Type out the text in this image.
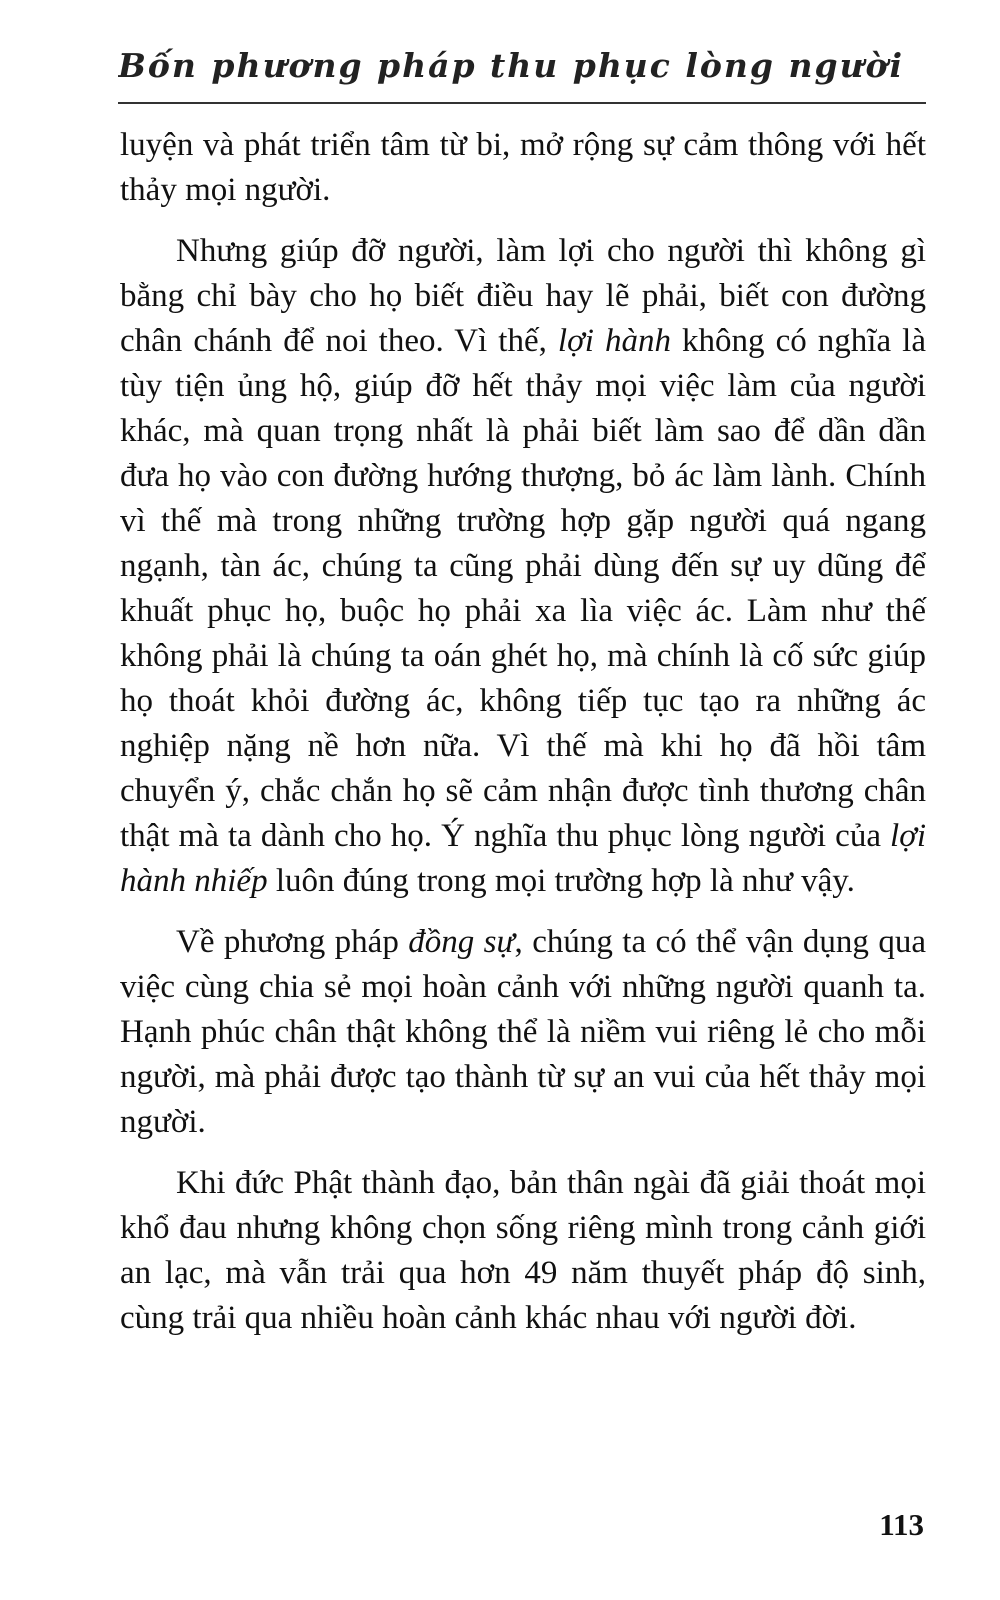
Bốn phương pháp thu phục lòng người

luyện và phát triển tâm từ bi, mở rộng sự cảm thông với hết thảy mọi người.

Nhưng giúp đỡ người, làm lợi cho người thì không gì bằng chỉ bày cho họ biết điều hay lẽ phải, biết con đường chân chánh để noi theo. Vì thế, lợi hành không có nghĩa là tùy tiện ủng hộ, giúp đỡ hết thảy mọi việc làm của người khác, mà quan trọng nhất là phải biết làm sao để dần dần đưa họ vào con đường hướng thượng, bỏ ác làm lành. Chính vì thế mà trong những trường hợp gặp người quá ngang ngạnh, tàn ác, chúng ta cũng phải dùng đến sự uy dũng để khuất phục họ, buộc họ phải xa lìa việc ác. Làm như thế không phải là chúng ta oán ghét họ, mà chính là cố sức giúp họ thoát khỏi đường ác, không tiếp tục tạo ra những ác nghiệp nặng nề hơn nữa. Vì thế mà khi họ đã hồi tâm chuyển ý, chắc chắn họ sẽ cảm nhận được tình thương chân thật mà ta dành cho họ. Ý nghĩa thu phục lòng người của lợi hành nhiếp luôn đúng trong mọi trường hợp là như vậy.

Về phương pháp đồng sự, chúng ta có thể vận dụng qua việc cùng chia sẻ mọi hoàn cảnh với những người quanh ta. Hạnh phúc chân thật không thể là niềm vui riêng lẻ cho mỗi người, mà phải được tạo thành từ sự an vui của hết thảy mọi người.

Khi đức Phật thành đạo, bản thân ngài đã giải thoát mọi khổ đau nhưng không chọn sống riêng mình trong cảnh giới an lạc, mà vẫn trải qua hơn 49 năm thuyết pháp độ sinh, cùng trải qua nhiều hoàn cảnh khác nhau với người đời.

113
